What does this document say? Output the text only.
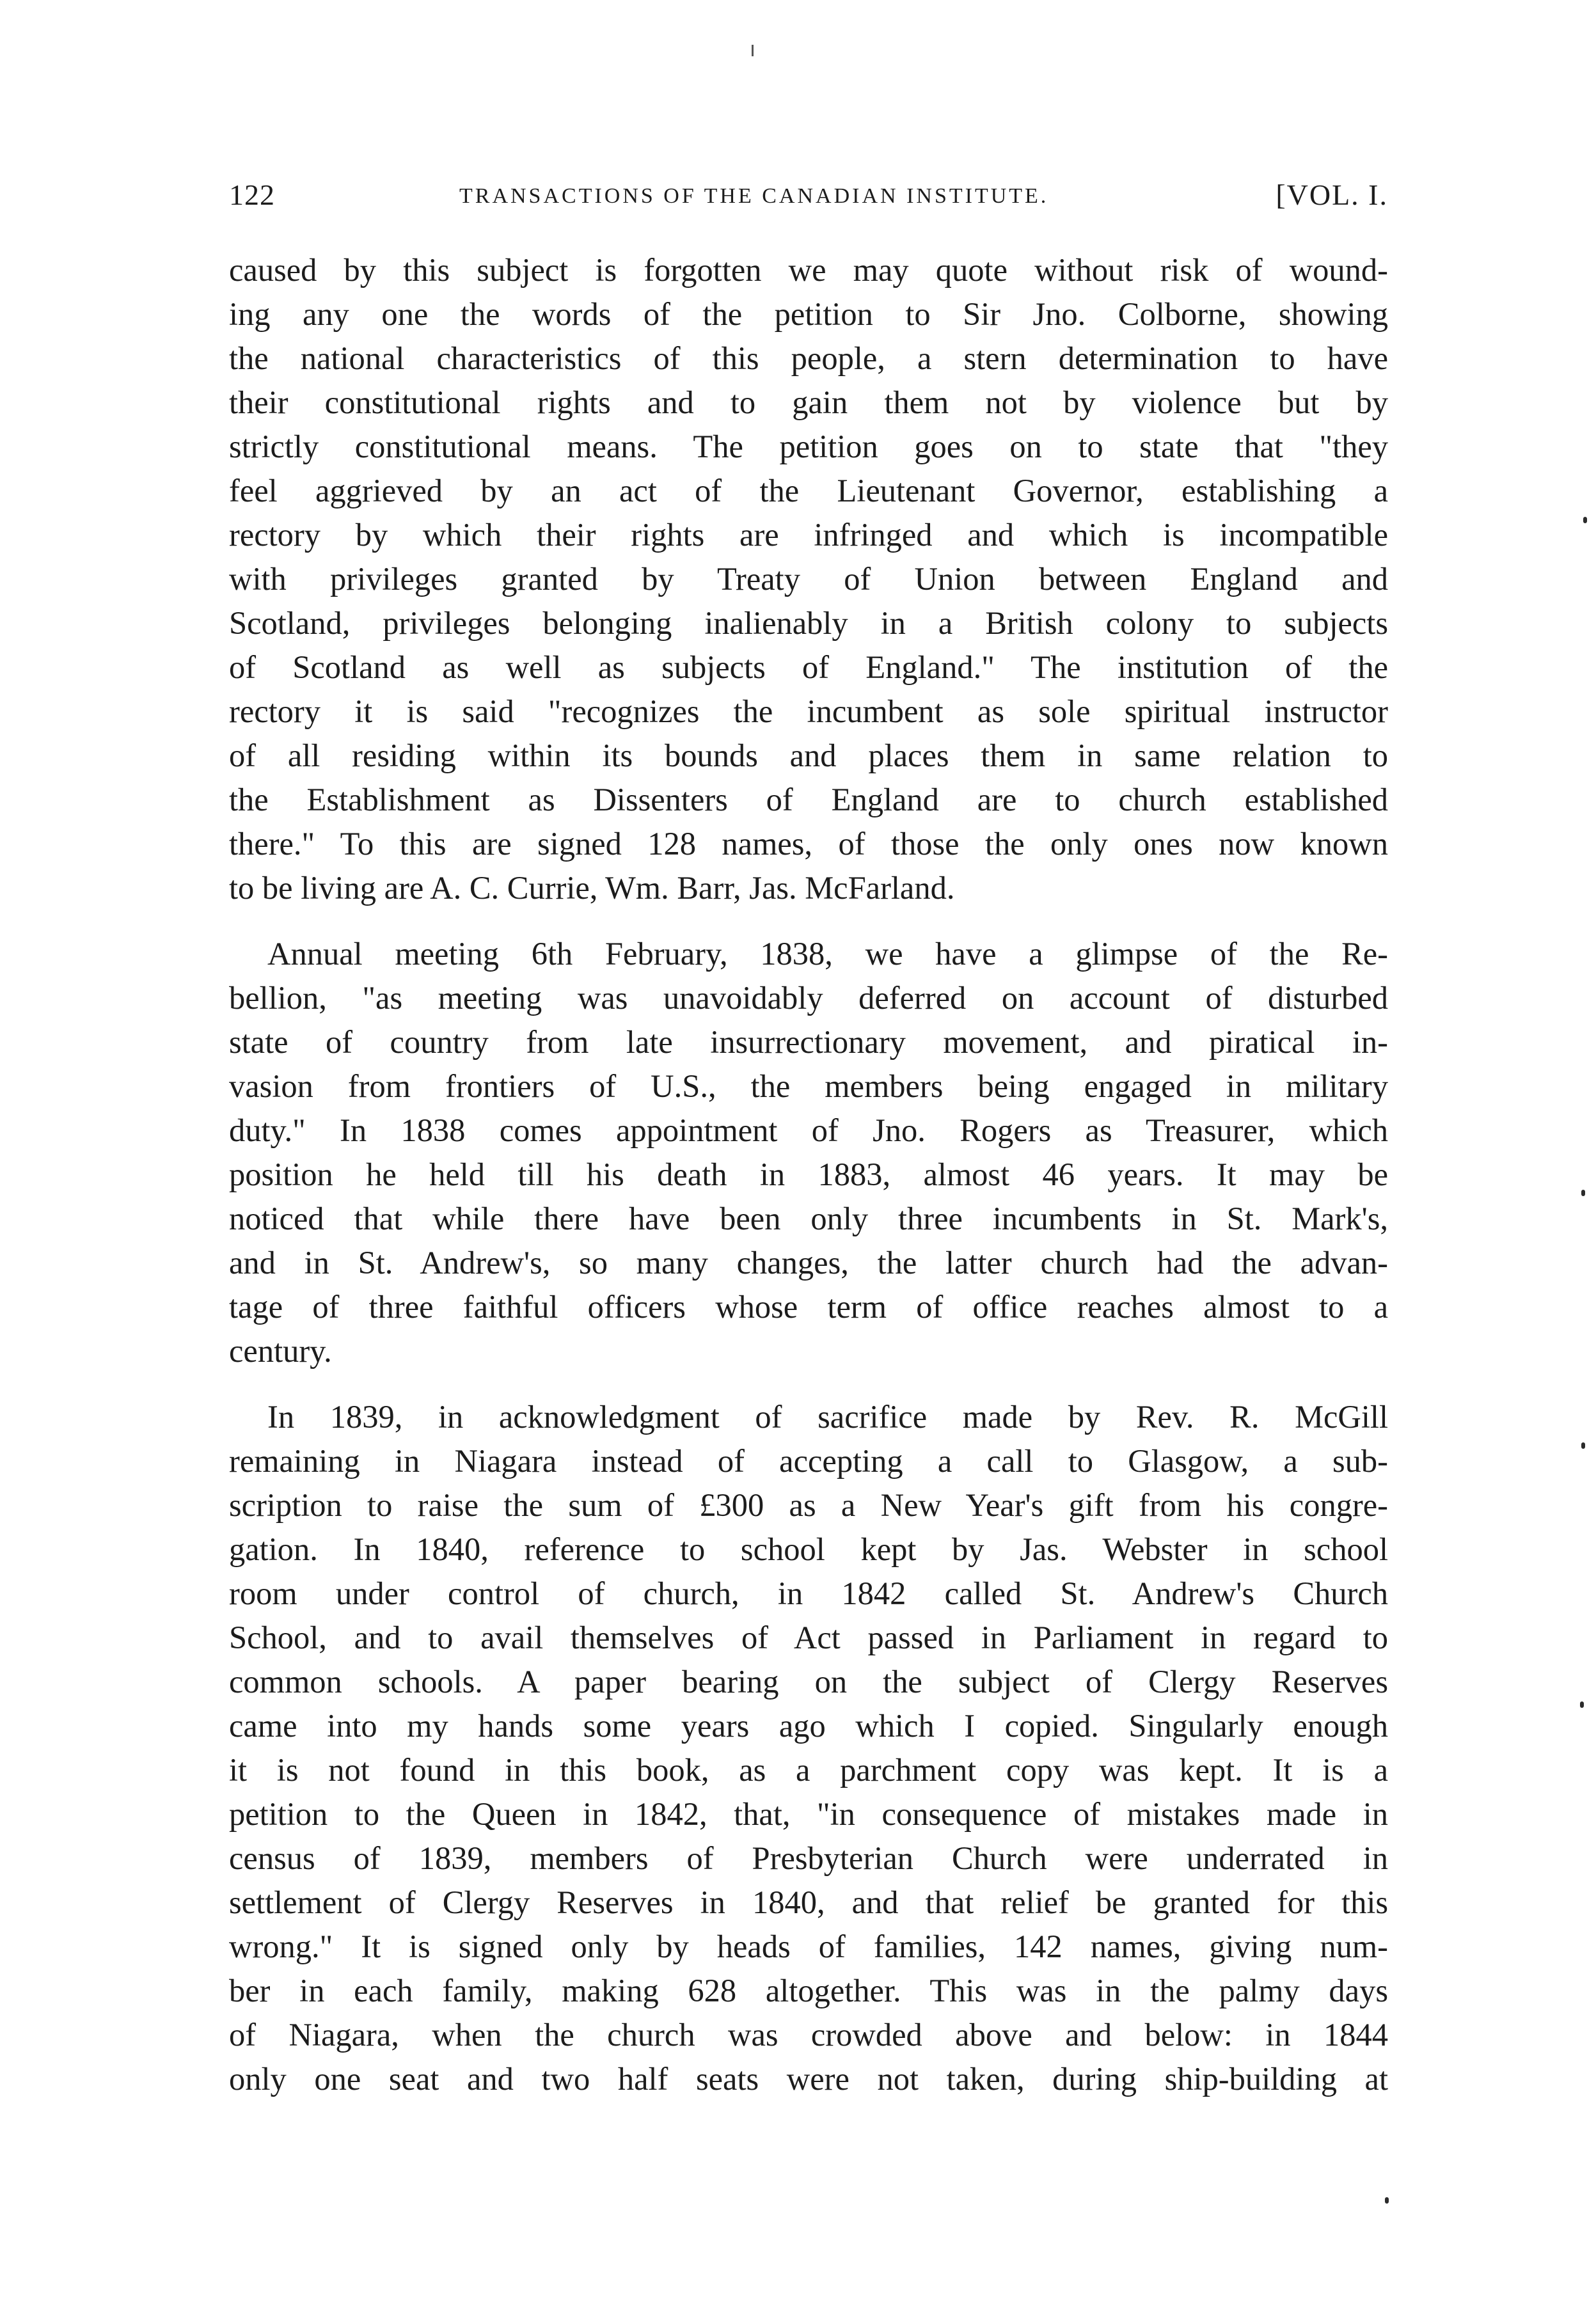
122	TRANSACTIONS OF THE CANADIAN INSTITUTE.	[VOL. I.
caused by this subject is forgotten we may quote without risk of wound-
ing any one the words of the petition to Sir Jno. Colborne, showing
the national characteristics of this people, a stern determination to have
their constitutional rights and to gain them not by violence but by
strictly constitutional means. The petition goes on to state that "they
feel aggrieved by an act of the Lieutenant Governor, establishing a
rectory by which their rights are infringed and which is incompatible
with privileges granted by Treaty of Union between England and
Scotland, privileges belonging inalienably in a British colony to subjects
of Scotland as well as subjects of England." The institution of the
rectory it is said "recognizes the incumbent as sole spiritual instructor
of all residing within its bounds and places them in same relation to
the Establishment as Dissenters of England are to church established
there." To this are signed 128 names, of those the only ones now known
to be living are A. C. Currie, Wm. Barr, Jas. McFarland.
Annual meeting 6th February, 1838, we have a glimpse of the Re-
bellion, "as meeting was unavoidably deferred on account of disturbed
state of country from late insurrectionary movement, and piratical in-
vasion from frontiers of U.S., the members being engaged in military
duty." In 1838 comes appointment of Jno. Rogers as Treasurer, which
position he held till his death in 1883, almost 46 years. It may be
noticed that while there have been only three incumbents in St. Mark's,
and in St. Andrew's, so many changes, the latter church had the advan-
tage of three faithful officers whose term of office reaches almost to a
century.
In 1839, in acknowledgment of sacrifice made by Rev. R. McGill
remaining in Niagara instead of accepting a call to Glasgow, a sub-
scription to raise the sum of £300 as a New Year's gift from his congre-
gation. In 1840, reference to school kept by Jas. Webster in school
room under control of church, in 1842 called St. Andrew's Church
School, and to avail themselves of Act passed in Parliament in regard to
common schools. A paper bearing on the subject of Clergy Reserves
came into my hands some years ago which I copied. Singularly enough
it is not found in this book, as a parchment copy was kept. It is a
petition to the Queen in 1842, that, "in consequence of mistakes made in
census of 1839, members of Presbyterian Church were underrated in
settlement of Clergy Reserves in 1840, and that relief be granted for this
wrong." It is signed only by heads of families, 142 names, giving num-
ber in each family, making 628 altogether. This was in the palmy days
of Niagara, when the church was crowded above and below: in 1844
only one seat and two half seats were not taken, during ship-building at
